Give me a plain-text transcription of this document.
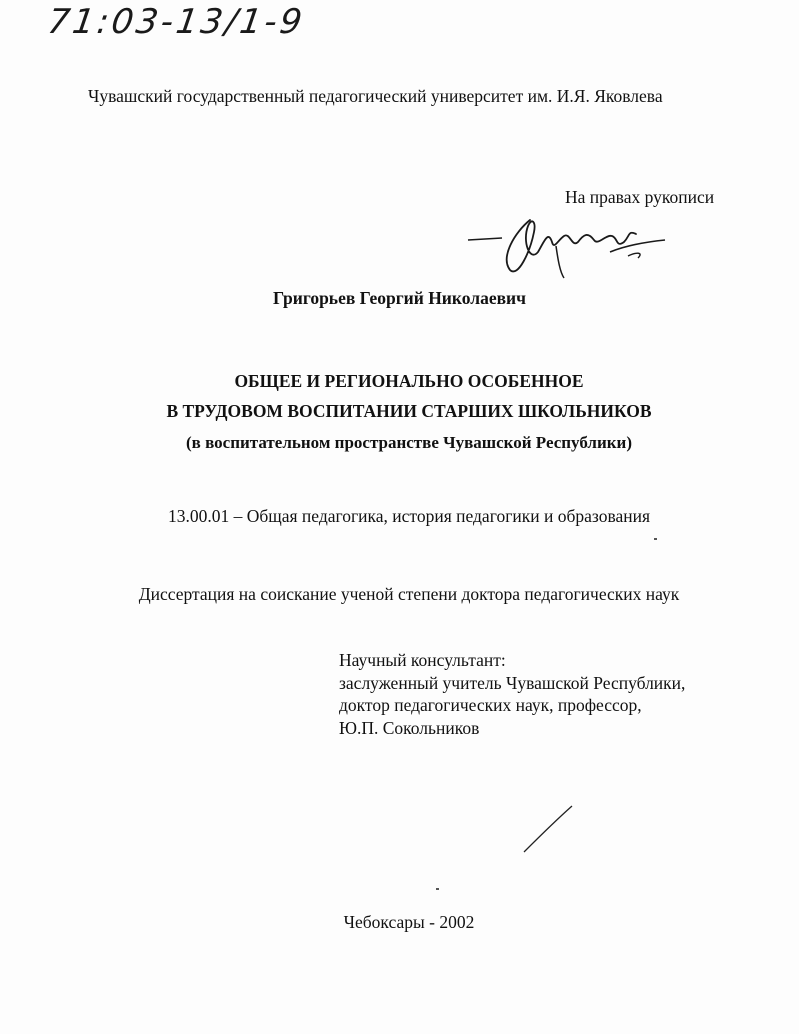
71:03-13/1-9
Чувашский государственный педагогический университет им. И.Я. Яковлева
На правах рукописи
Григорьев Георгий Николаевич
ОБЩЕЕ И РЕГИОНАЛЬНО ОСОБЕННОЕ
В ТРУДОВОМ ВОСПИТАНИИ СТАРШИХ ШКОЛЬНИКОВ
(в воспитательном пространстве Чувашской Республики)
13.00.01 – Общая педагогика, история педагогики и образования
Диссертация на соискание ученой степени доктора педагогических наук
Научный консультант:
заслуженный учитель Чувашской Республики,
доктор педагогических наук, профессор,
Ю.П. Сокольников
Чебоксары - 2002
